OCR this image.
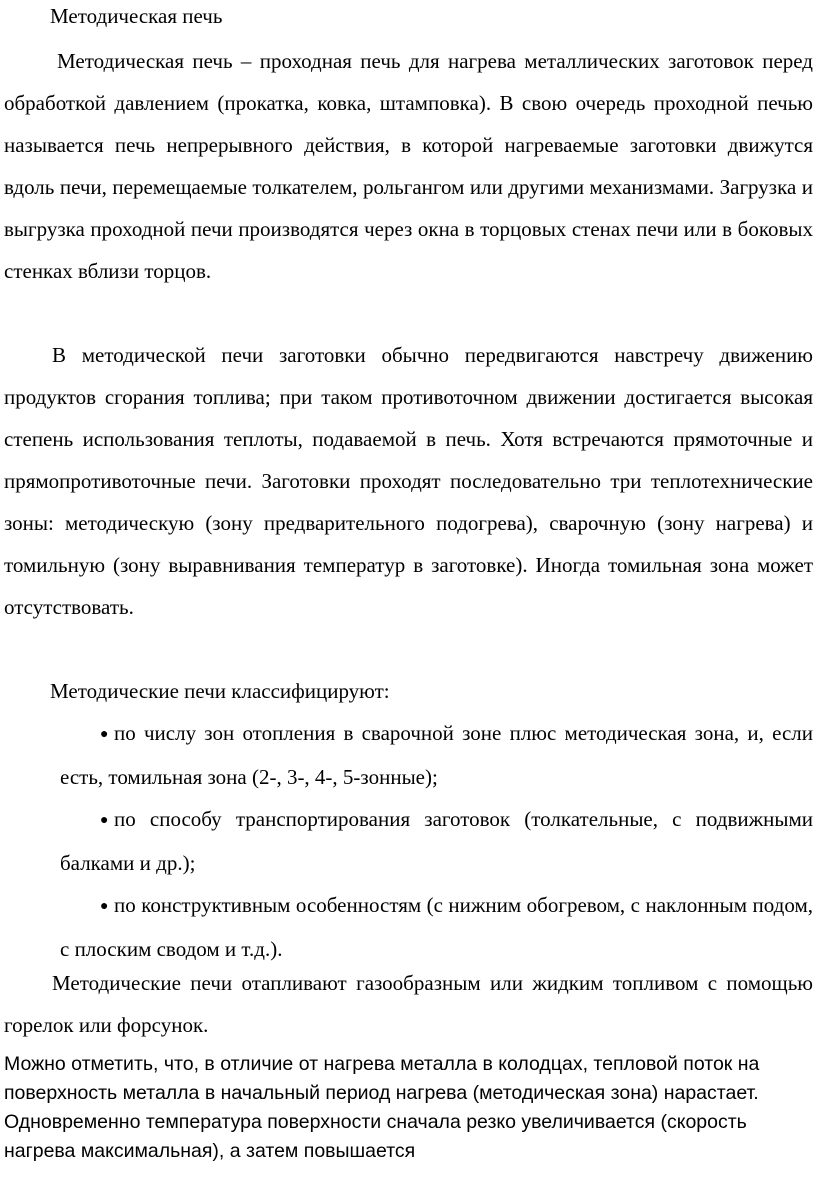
Методическая печь

Методическая печь – проходная печь для нагрева металлических заготовок перед обработкой давлением (прокатка, ковка, штамповка). В свою очередь проходной печью называется печь непрерывного действия, в которой нагреваемые заготовки движутся вдоль печи, перемещаемые толкателем, рольгангом или другими механизмами. Загрузка и выгрузка проходной печи производятся через окна в торцовых стенах печи или в боковых стенках вблизи торцов.

В методической печи заготовки обычно передвигаются навстречу движению продуктов сгорания топлива; при таком противоточном движении достигается высокая степень использования теплоты, подаваемой в печь. Хотя встречаются прямоточные и прямопротивоточные печи. Заготовки проходят последовательно три теплотехнические зоны: методическую (зону предварительного подогрева), сварочную (зону нагрева) и томильную (зону выравнивания температур в заготовке). Иногда томильная зона может отсутствовать.

Методические печи классифицируют:

● по числу зон отопления в сварочной зоне плюс методическая зона, и, если есть, томильная зона (2-, 3-, 4-, 5-зонные);
● по способу транспортирования заготовок (толкательные, с подвижными балками и др.);
● по конструктивным особенностям (с нижним обогревом, с наклонным подом, с плоским сводом и т.д.).

Методические печи отапливают газообразным или жидким топливом с помощью горелок или форсунок.

Можно отметить, что, в отличие от нагрева металла в колодцах, тепловой поток на поверхность металла в начальный период нагрева (методическая зона) нарастает. Одновременно температура поверхности сначала резко увеличивается (скорость нагрева максимальная), а затем повышается
